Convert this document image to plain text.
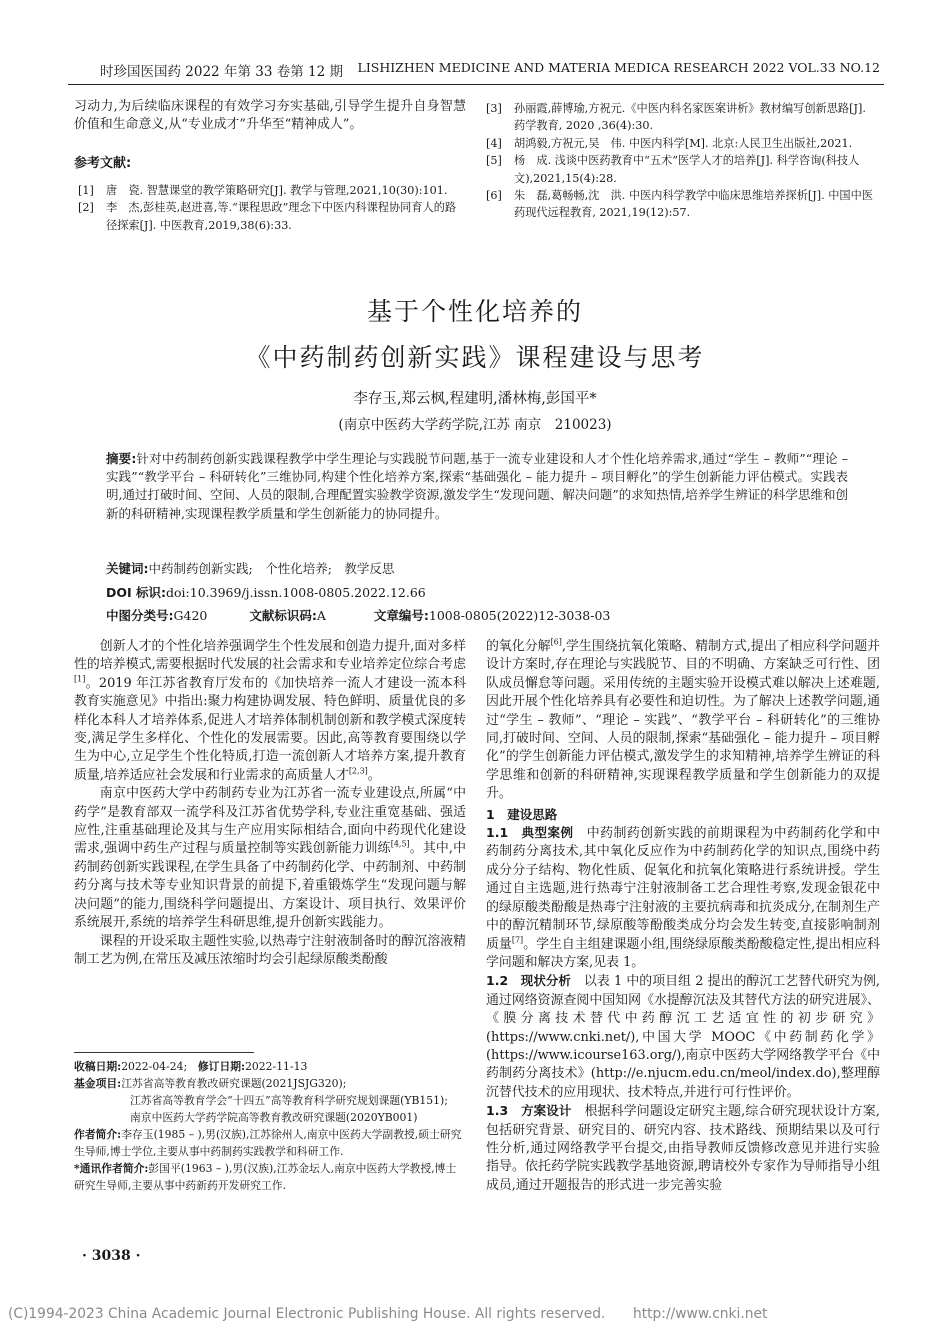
时珍国医国药 2022 年第 33 卷第 12 期 LISHIZHEN MEDICINE AND MATERIA MEDICA RESEARCH 2022 VOL.33 NO.12

习动力,为后续临床课程的有效学习夯实基础,引导学生提升自身智慧价值和生命意义,从“专业成才”升华至“精神成人”。

参考文献:

[1] 唐　瓷. 智慧课堂的教学策略研究[J]. 教学与管理,2021,10(30):101.

[2] 李　杰,彭桂英,赵进喜,等.“课程思政”理念下中医内科课程协同育人的路径探索[J]. 中医教育,2019,38(6):33.

[3] 孙丽霞,薛博瑜,方祝元.《中医内科名家医案讲析》教材编写创新思路[J]. 药学教育, 2020 ,36(4):30.

[4] 胡鸿毅,方祝元,吴　伟. 中医内科学[M]. 北京:人民卫生出版社,2021.

[5] 杨　成. 浅谈中医药教育中“五术”医学人才的培养[J]. 科学咨询(科技人文),2021,15(4):28.

[6] 朱　磊,葛畅畅,沈　洪. 中医内科学教学中临床思维培养探析[J]. 中国中医药现代远程教育, 2021,19(12):57.

基于个性化培养的
《中药制药创新实践》课程建设与思考
李存玉,郑云枫,程建明,潘林梅,彭国平*
(南京中医药大学药学院,江苏 南京　210023)
摘要:针对中药制药创新实践课程教学中学生理论与实践脱节问题,基于一流专业建设和人才个性化培养需求,通过“学生 – 教师”“理论 – 实践”“教学平台 – 科研转化”三维协同,构建个性化培养方案,探索“基础强化 – 能力提升 – 项目孵化”的学生创新能力评估模式。实践表明,通过打破时间、空间、人员的限制,合理配置实验教学资源,激发学生“发现问题、解决问题”的求知热情,培养学生辨证的科学思维和创新的科研精神,实现课程教学质量和学生创新能力的协同提升。
关键词:中药制药创新实践;　个性化培养;　教学反思
DOI 标识:doi:10.3969/j.issn.1008-0805.2022.12.66
中图分类号:G420	文献标识码:A	文章编号:1008-0805(2022)12-3038-03

创新人才的个性化培养强调学生个性发展和创造力提升,面对多样性的培养模式,需要根据时代发展的社会需求和专业培养定位综合考虑[1]。2019 年江苏省教育厅发布的《加快培养一流人才建设一流本科教育实施意见》中指出:聚力构建协调发展、特色鲜明、质量优良的多样化本科人才培养体系,促进人才培养体制机制创新和教学模式深度转变,满足学生多样化、个性化的发展需要。因此,高等教育要围绕以学生为中心,立足学生个性化特质,打造一流创新人才培养方案,提升教育质量,培养适应社会发展和行业需求的高质量人才[2,3]。

南京中医药大学中药制药专业为江苏省一流专业建设点,所属“中药学”是教育部双一流学科及江苏省优势学科,专业注重宽基础、强适应性,注重基础理论及其与生产应用实际相结合,面向中药现代化建设需求,强调中药生产过程与质量控制等实践创新能力训练[4,5]。其中,中药制药创新实践课程,在学生具备了中药制药化学、中药制剂、中药制药分离与技术等专业知识背景的前提下,着重锻炼学生“发现问题与解决问题”的能力,围绕科学问题提出、方案设计、项目执行、效果评价系统展开,系统的培养学生科研思维,提升创新实践能力。

课程的开设采取主题性实验,以热毒宁注射液制备时的醇沉溶液精制工艺为例,在常压及减压浓缩时均会引起绿原酸类酚酸

的氧化分解[6],学生围绕抗氧化策略、精制方式,提出了相应科学问题并设计方案时,存在理论与实践脱节、目的不明确、方案缺乏可行性、团队成员懈怠等问题。采用传统的主题实验开设模式难以解决上述难题,因此开展个性化培养具有必要性和迫切性。为了解决上述教学问题,通过“学生 – 教师”、“理论 – 实践”、“教学平台 – 科研转化”的三维协同,打破时间、空间、人员的限制,探索“基础强化 – 能力提升 – 项目孵化”的学生创新能力评估模式,激发学生的求知精神,培养学生辨证的科学思维和创新的科研精神,实现课程教学质量和学生创新能力的双提升。

1　建设思路

1.1　典型案例　 中药制药创新实践的前期课程为中药制药化学和中药制药分离技术,其中氧化反应作为中药制药化学的知识点,围绕中药成分分子结构、物化性质、促氧化和抗氧化策略进行系统讲授。学生通过自主选题,进行热毒宁注射液制备工艺合理性考察,发现金银花中的绿原酸类酚酸是热毒宁注射液的主要抗病毒和抗炎成分,在制剂生产中的醇沉精制环节,绿原酸等酚酸类成分均会发生转变,直接影响制剂质量[7]。学生自主组建课题小组,围绕绿原酸类酚酸稳定性,提出相应科学问题和解决方案,见表 1。

1.2　现状分析　 以表 1 中的项目组 2 提出的醇沉工艺替代研究为例,通过网络资源查阅中国知网《水提醇沉法及其替代方法的研究进展》、《膜分离技术替代中药醇沉工艺适宜性的初步研究》(https://www.cnki.net/),中国大学 MOOC《中药制药化学》(https://www.icourse163.org/),南京中医药大学网络教学平台《中药制药分离技术》(http://e.njucm.edu.cn/meol/index.do),整理醇沉替代技术的应用现状、技术特点,并进行可行性评价。

1.3　方案设计　 根据科学问题设定研究主题,综合研究现状设计方案,包括研究背景、研究目的、研究内容、技术路线、预期结果以及可行性分析,通过网络教学平台提交,由指导教师反馈修改意见并进行实验指导。依托药学院实践教学基地资源,聘请校外专家作为导师指导小组成员,通过开题报告的形式进一步完善实验

收稿日期:2022-04-24;　 修订日期:2022-11-13
基金项目:江苏省高等教育教改研究课题(2021JSJG320);
江苏省高等教育学会“十四五”高等教育科学研究规划课题(YB151);
南京中医药大学药学院高等教育教改研究课题(2020YB001)
作者简介:李存玉(1985 – ),男(汉族),江苏徐州人,南京中医药大学副教授,硕士研究生导师,博士学位,主要从事中药制药实践教学和科研工作.
*通讯作者简介:彭国平(1963 – ),男(汉族),江苏金坛人,南京中医药大学教授,博士研究生导师,主要从事中药新药开发研究工作.
· 3038 ·
(C)1994-2023 China Academic Journal Electronic Publishing House. All rights reserved.　　http://www.cnki.net
